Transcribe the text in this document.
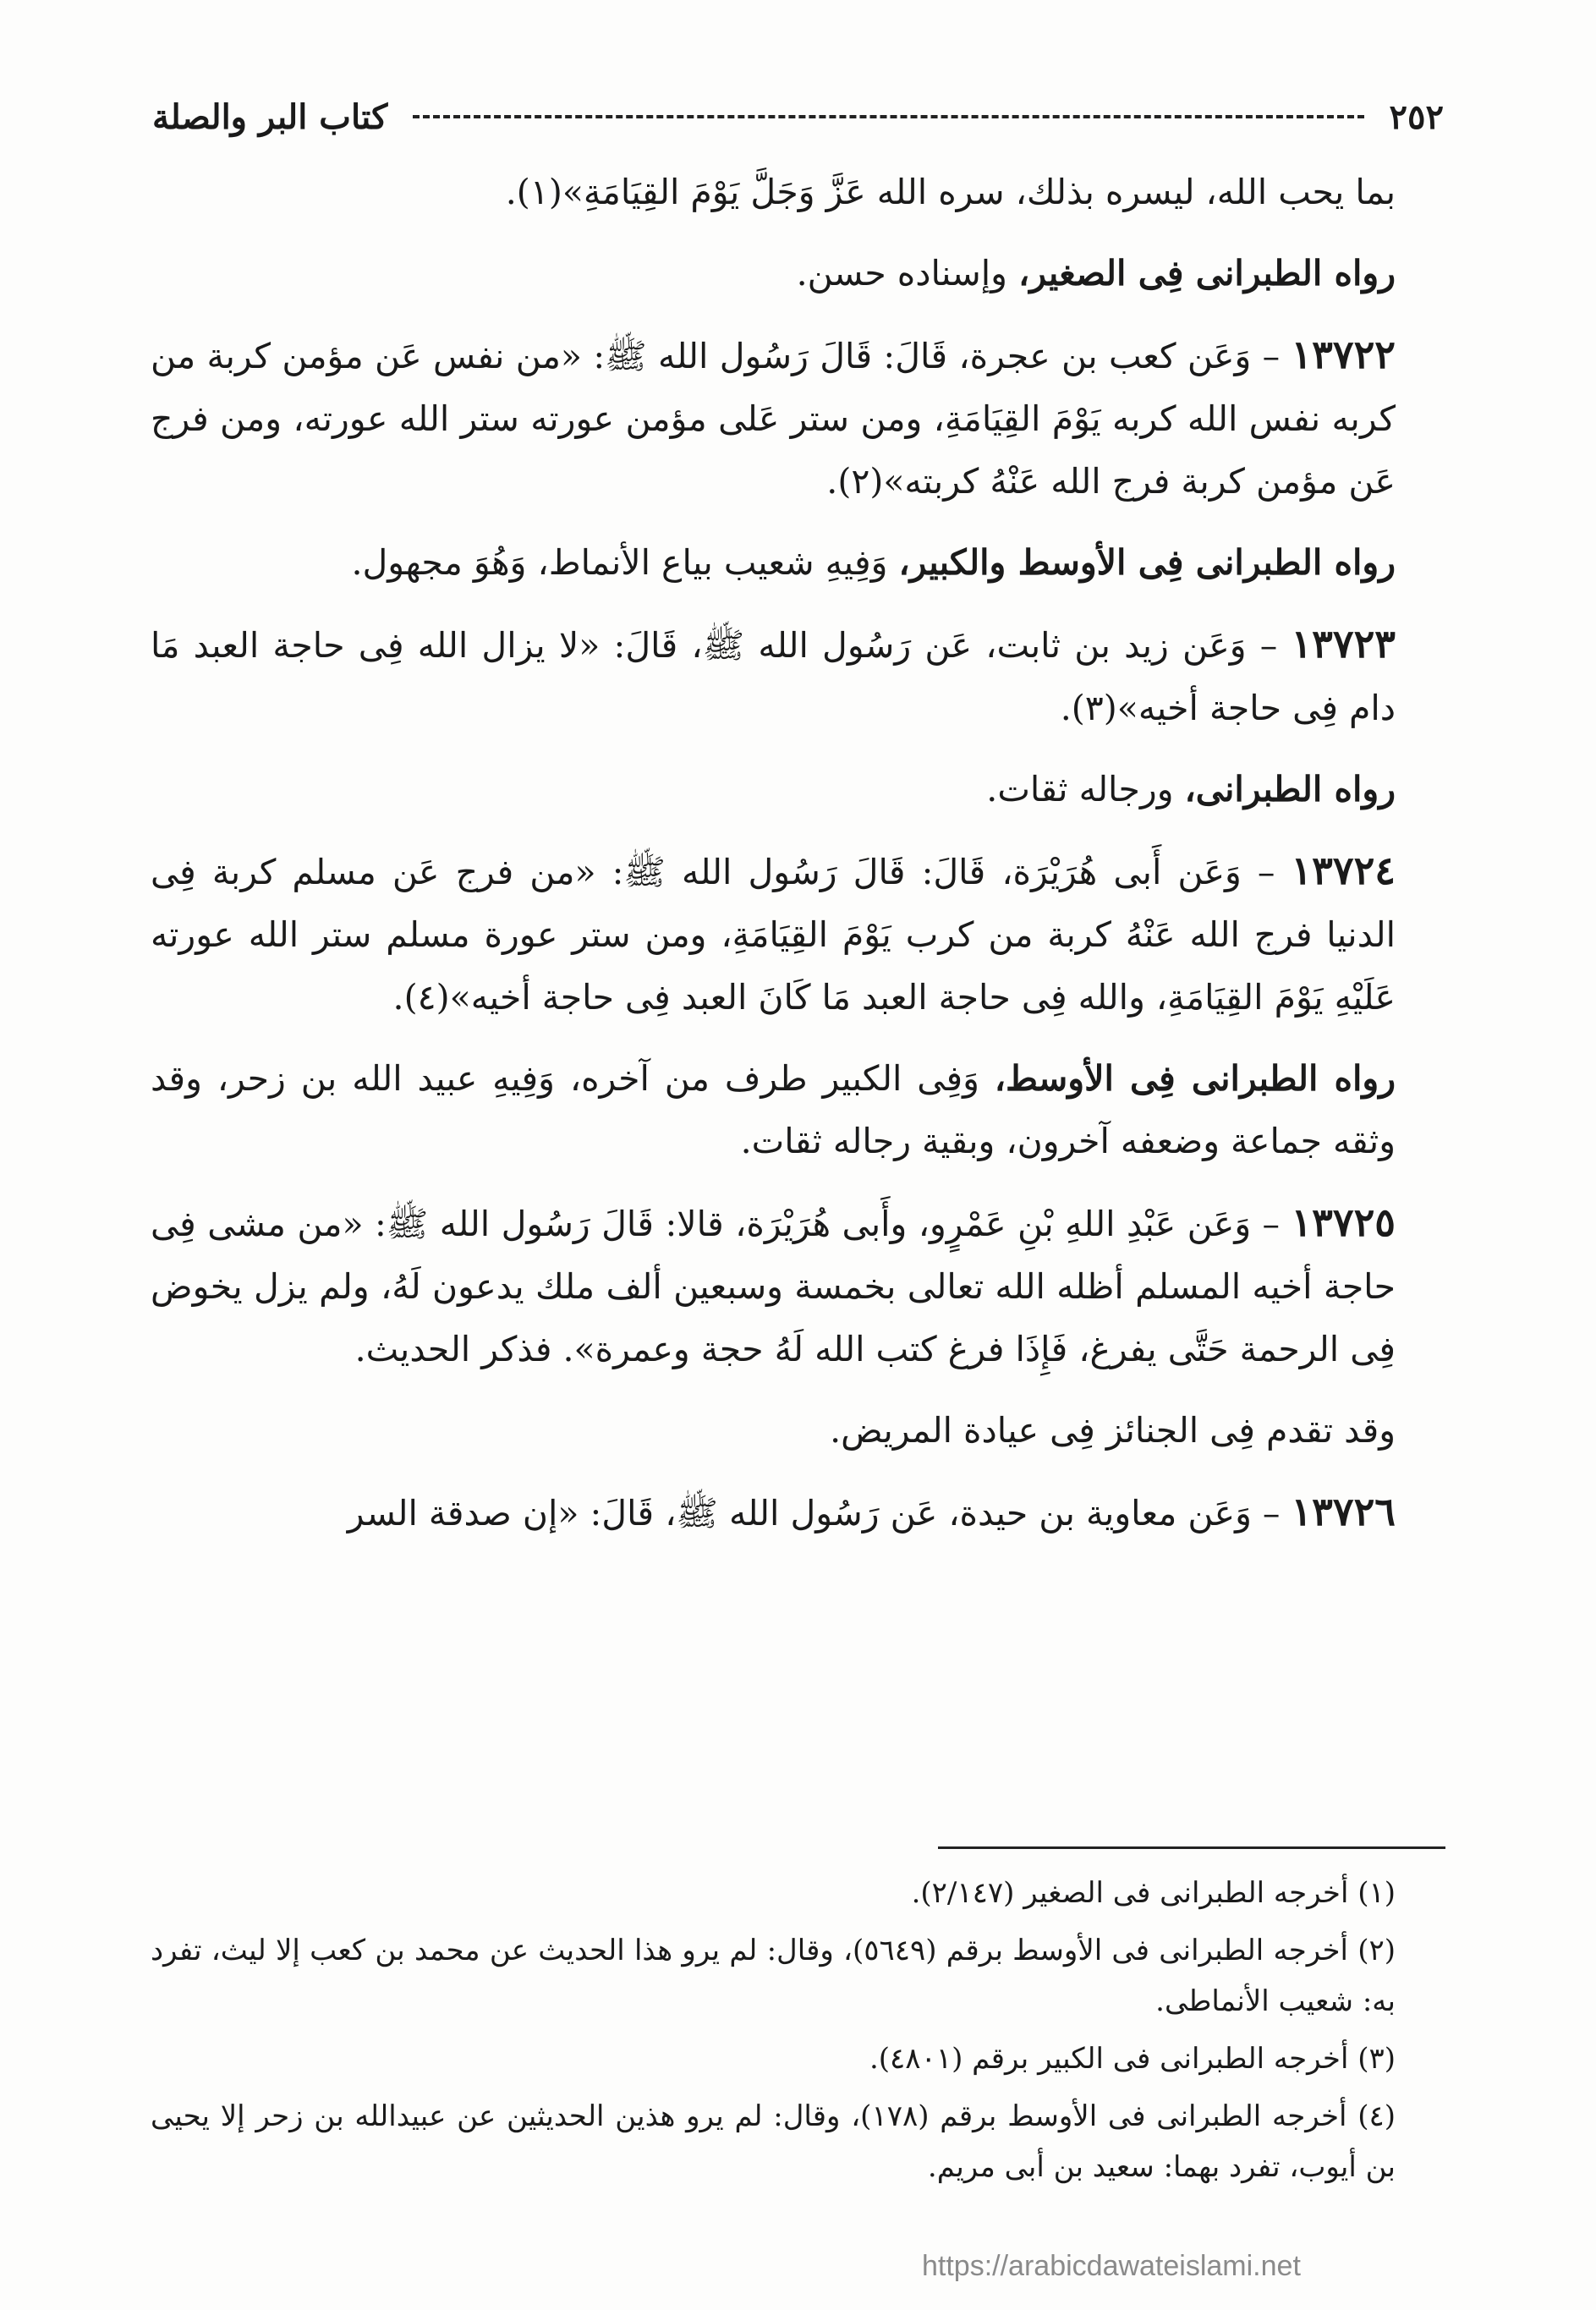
٢٥٢
كتاب البر والصلة

بما يحب الله، ليسره بذلك، سره الله عَزَّ وَجَلَّ يَوْمَ القِيَامَةِ»(١).

رواه الطبرانى فِى الصغير، وإسناده حسن.

١٣٧٢٢ – وَعَن كعب بن عجرة، قَالَ: قَالَ رَسُول الله ﷺ: «من نفس عَن مؤمن كربة من كربه نفس الله كربه يَوْمَ القِيَامَةِ، ومن ستر عَلى مؤمن عورته ستر الله عورته، ومن فرج عَن مؤمن كربة فرج الله عَنْهُ كربته»(٢).

رواه الطبرانى فِى الأوسط والكبير، وَفِيهِ شعيب بياع الأنماط، وَهُوَ مجهول.

١٣٧٢٣ – وَعَن زيد بن ثابت، عَن رَسُول الله ﷺ، قَالَ: «لا يزال الله فِى حاجة العبد مَا دام فِى حاجة أخيه»(٣).

رواه الطبرانى، ورجاله ثقات.

١٣٧٢٤ – وَعَن أَبى هُرَيْرَة، قَالَ: قَالَ رَسُول الله ﷺ: «من فرج عَن مسلم كربة فِى الدنيا فرج الله عَنْهُ كربة من كرب يَوْمَ القِيَامَةِ، ومن ستر عورة مسلم ستر الله عورته عَلَيْهِ يَوْمَ القِيَامَةِ، والله فِى حاجة العبد مَا كَانَ العبد فِى حاجة أخيه»(٤).

رواه الطبرانى فِى الأوسط، وَفِى الكبير طرف من آخره، وَفِيهِ عبيد الله بن زحر، وقد وثقه جماعة وضعفه آخرون، وبقية رجاله ثقات.

١٣٧٢٥ – وَعَن عَبْدِ اللهِ بْنِ عَمْرٍو، وأَبى هُرَيْرَة، قالا: قَالَ رَسُول الله ﷺ: «من مشى فِى حاجة أخيه المسلم أظله الله تعالى بخمسة وسبعين ألف ملك يدعون لَهُ، ولم يزل يخوض فِى الرحمة حَتَّى يفرغ، فَإِذَا فرغ كتب الله لَهُ حجة وعمرة». فذكر الحديث.

وقد تقدم فِى الجنائز فِى عيادة المريض.

١٣٧٢٦ – وَعَن معاوية بن حيدة، عَن رَسُول الله ﷺ، قَالَ: «إن صدقة السر

(١) أخرجه الطبرانى فى الصغير (٢/١٤٧).

(٢) أخرجه الطبرانى فى الأوسط برقم (٥٦٤٩)، وقال: لم يرو هذا الحديث عن محمد بن كعب إلا ليث، تفرد به: شعيب الأنماطى.

(٣) أخرجه الطبرانى فى الكبير برقم (٤٨٠١).

(٤) أخرجه الطبرانى فى الأوسط برقم (١٧٨)، وقال: لم يرو هذين الحديثين عن عبيدالله بن زحر إلا يحيى بن أيوب، تفرد بهما: سعيد بن أبى مريم.

https://arabicdawateislami.net
